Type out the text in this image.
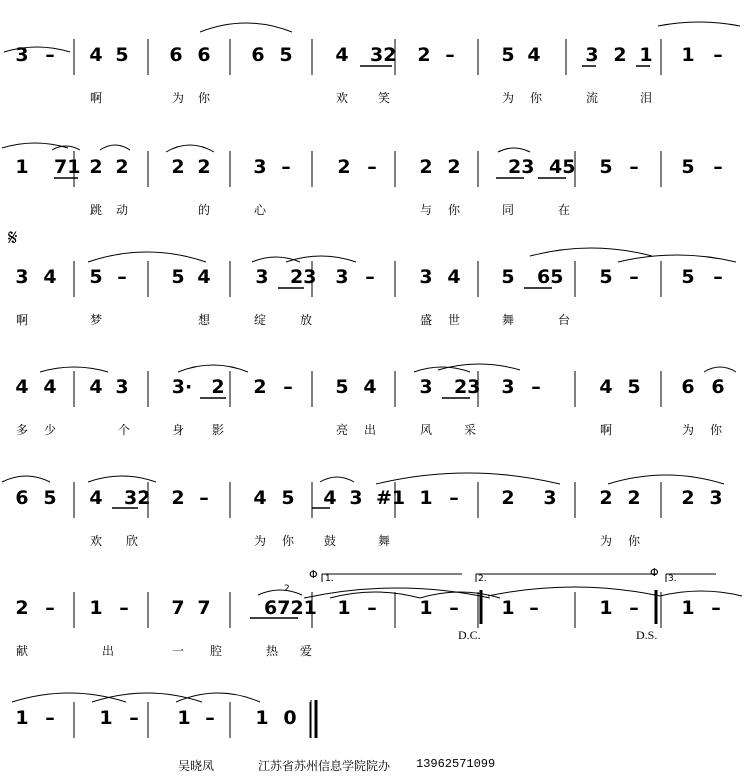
3 – 4 5 6 6 6 5 4 32 2 – 5 4 3 2 1 1 –
啊	为 你	欢 笑	为 你	流	泪
1 71 2 2 2 2 3 – 2 – 2 2 23 45 5 – 5 –
跳 动	的	心	与 你	同	在
3 4 5 – 5 4 3 23 3 – 3 4 5 65 5 – 5 –
啊	梦	想	绽	放	盛 世	舞	台
4 4 4 3 3· 2 2 – 5 4 3 23 3 –	4 5 6 6
多 少	个	身 影	亮 出	风	采	啊	为 你
6 5 4 32 2 – 4 5 4 3 #1 1 – 2 3 2 2 2 3
欢 欣	为 你 鼓	舞	为 你
2 – 1 – 7 7	6721 1 – 1 – 1 –	1 – 1 –
献	出	一 腔	热 爱
1 – 1 – 1 – 1 0
𝄋
D.C.	D.S.
1.	2.	3.
2
Φ	Φ
吴晓凤	江苏省苏州信息学院院办 13962571099
